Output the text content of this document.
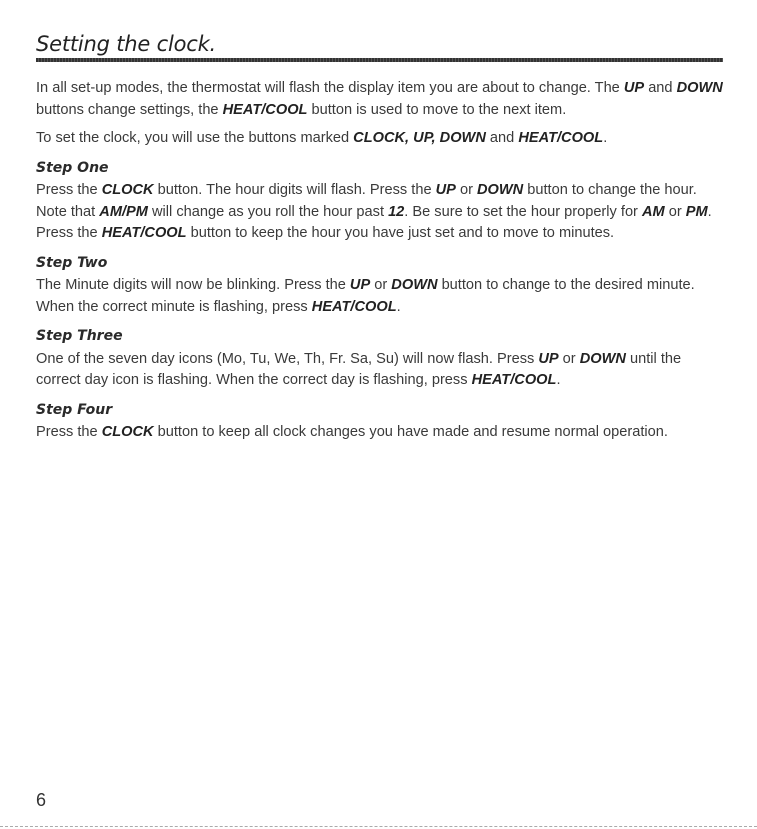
Setting the clock.

In all set-up modes, the thermostat will flash the display item you are about to change. The UP and DOWN buttons change settings, the HEAT/COOL button is used to move to the next item.

To set the clock, you will use the buttons marked CLOCK, UP, DOWN and HEAT/COOL.

Step One

Press the CLOCK button. The hour digits will flash. Press the UP or DOWN button to change the hour. Note that AM/PM will change as you roll the hour past 12. Be sure to set the hour properly for AM or PM. Press the HEAT/COOL button to keep the hour you have just set and to move to minutes.

Step Two

The Minute digits will now be blinking. Press the UP or DOWN button to change to the desired minute. When the correct minute is flashing, press HEAT/COOL.

Step Three

One of the seven day icons (Mo, Tu, We, Th, Fr. Sa, Su) will now flash. Press UP or DOWN until the correct day icon is flashing. When the correct day is flashing, press HEAT/COOL.

Step Four

Press the CLOCK button to keep all clock changes you have made and resume normal operation.

6
